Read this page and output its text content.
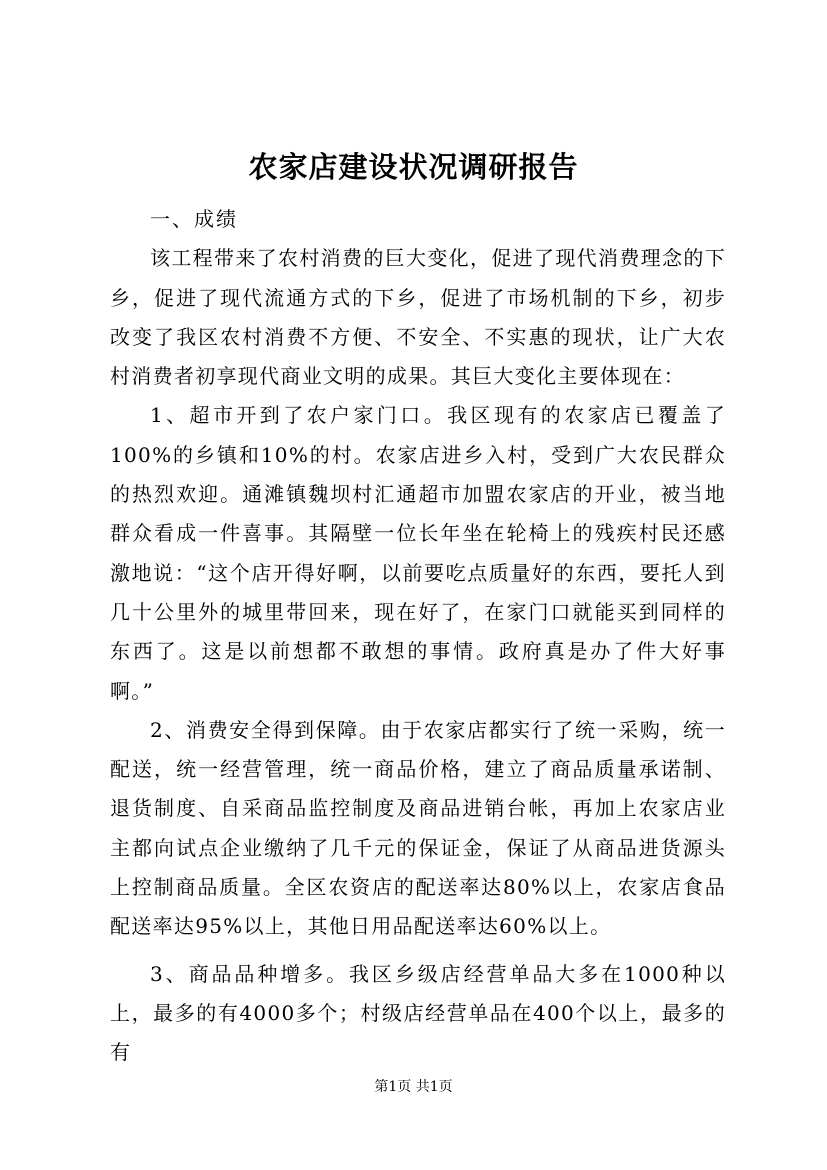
农家店建设状况调研报告

一、成绩

该工程带来了农村消费的巨大变化，促进了现代消费理念的下乡，促进了现代流通方式的下乡，促进了市场机制的下乡，初步改变了我区农村消费不方便、不安全、不实惠的现状，让广大农村消费者初享现代商业文明的成果。其巨大变化主要体现在：

1、超市开到了农户家门口。我区现有的农家店已覆盖了100%的乡镇和10%的村。农家店进乡入村，受到广大农民群众的热烈欢迎。通滩镇魏坝村汇通超市加盟农家店的开业，被当地群众看成一件喜事。其隔壁一位长年坐在轮椅上的残疾村民还感激地说：“这个店开得好啊，以前要吃点质量好的东西，要托人到几十公里外的城里带回来，现在好了，在家门口就能买到同样的东西了。这是以前想都不敢想的事情。政府真是办了件大好事啊。”

2、消费安全得到保障。由于农家店都实行了统一采购，统一配送，统一经营管理，统一商品价格，建立了商品质量承诺制、退货制度、自采商品监控制度及商品进销台帐，再加上农家店业主都向试点企业缴纳了几千元的保证金，保证了从商品进货源头上控制商品质量。全区农资店的配送率达80%以上，农家店食品配送率达95%以上，其他日用品配送率达60%以上。

3、商品品种增多。我区乡级店经营单品大多在1000种以上，最多的有4000多个；村级店经营单品在400个以上，最多的有

第1页 共1页
